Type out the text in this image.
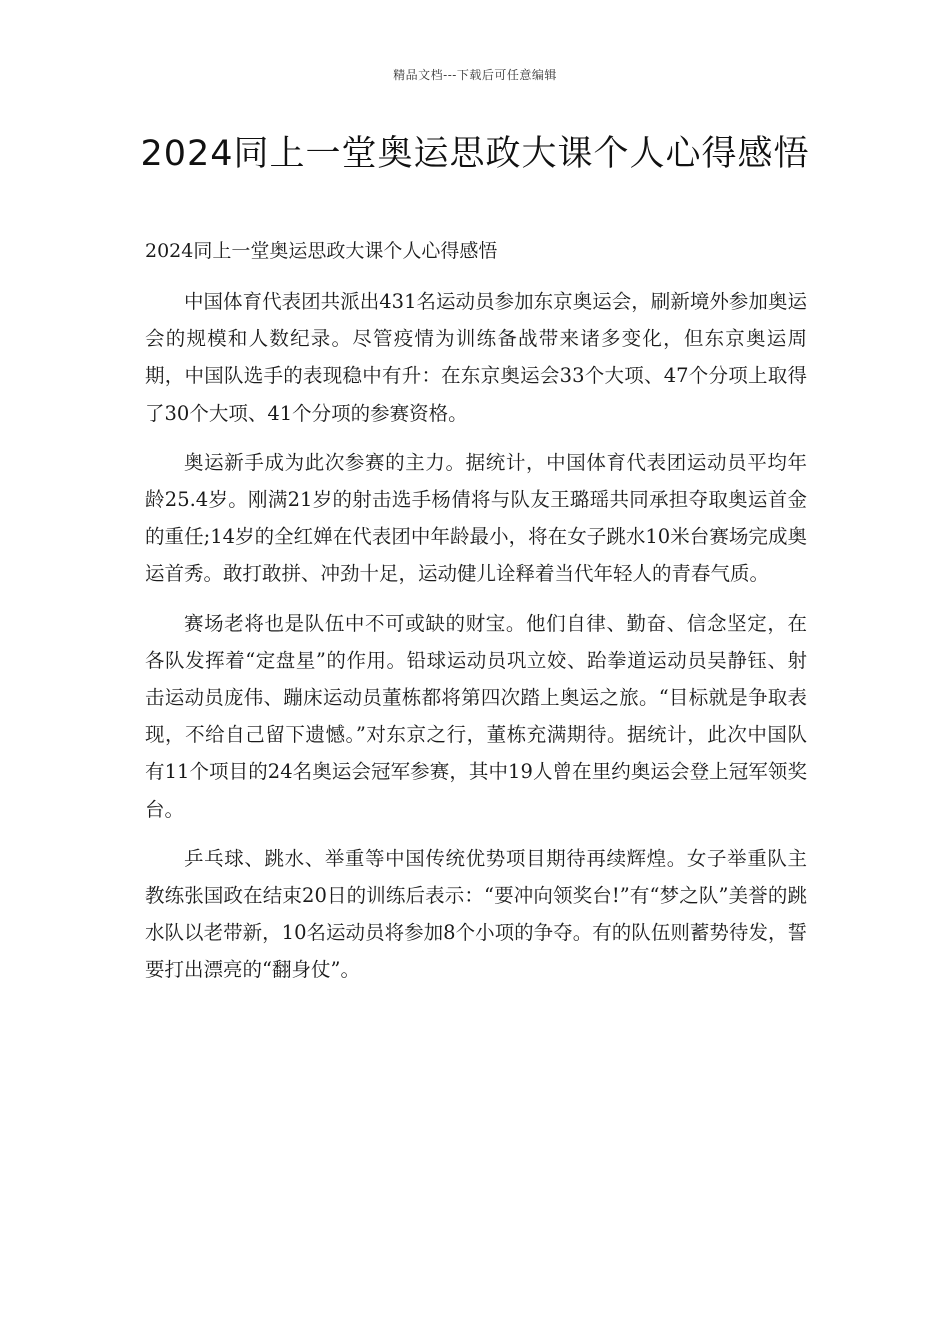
精品文档---下载后可任意编辑
2024同上一堂奥运思政大课个人心得感悟
2024同上一堂奥运思政大课个人心得感悟

中国体育代表团共派出431名运动员参加东京奥运会，刷新境外参加奥运会的规模和人数纪录。尽管疫情为训练备战带来诸多变化，但东京奥运周期，中国队选手的表现稳中有升：在东京奥运会33个大项、47个分项上取得了30个大项、41个分项的参赛资格。

奥运新手成为此次参赛的主力。据统计，中国体育代表团运动员平均年龄25.4岁。刚满21岁的射击选手杨倩将与队友王璐瑶共同承担夺取奥运首金的重任;14岁的全红婵在代表团中年龄最小，将在女子跳水10米台赛场完成奥运首秀。敢打敢拼、冲劲十足，运动健儿诠释着当代年轻人的青春气质。

赛场老将也是队伍中不可或缺的财宝。他们自律、勤奋、信念坚定，在各队发挥着“定盘星”的作用。铅球运动员巩立姣、跆拳道运动员吴静钰、射击运动员庞伟、蹦床运动员董栋都将第四次踏上奥运之旅。“目标就是争取表现，不给自己留下遗憾。”对东京之行，董栋充满期待。据统计，此次中国队有11个项目的24名奥运会冠军参赛，其中19人曾在里约奥运会登上冠军领奖台。

乒乓球、跳水、举重等中国传统优势项目期待再续辉煌。女子举重队主教练张国政在结束20日的训练后表示：“要冲向领奖台!”有“梦之队”美誉的跳水队以老带新，10名运动员将参加8个小项的争夺。有的队伍则蓄势待发，誓要打出漂亮的“翻身仗”。
